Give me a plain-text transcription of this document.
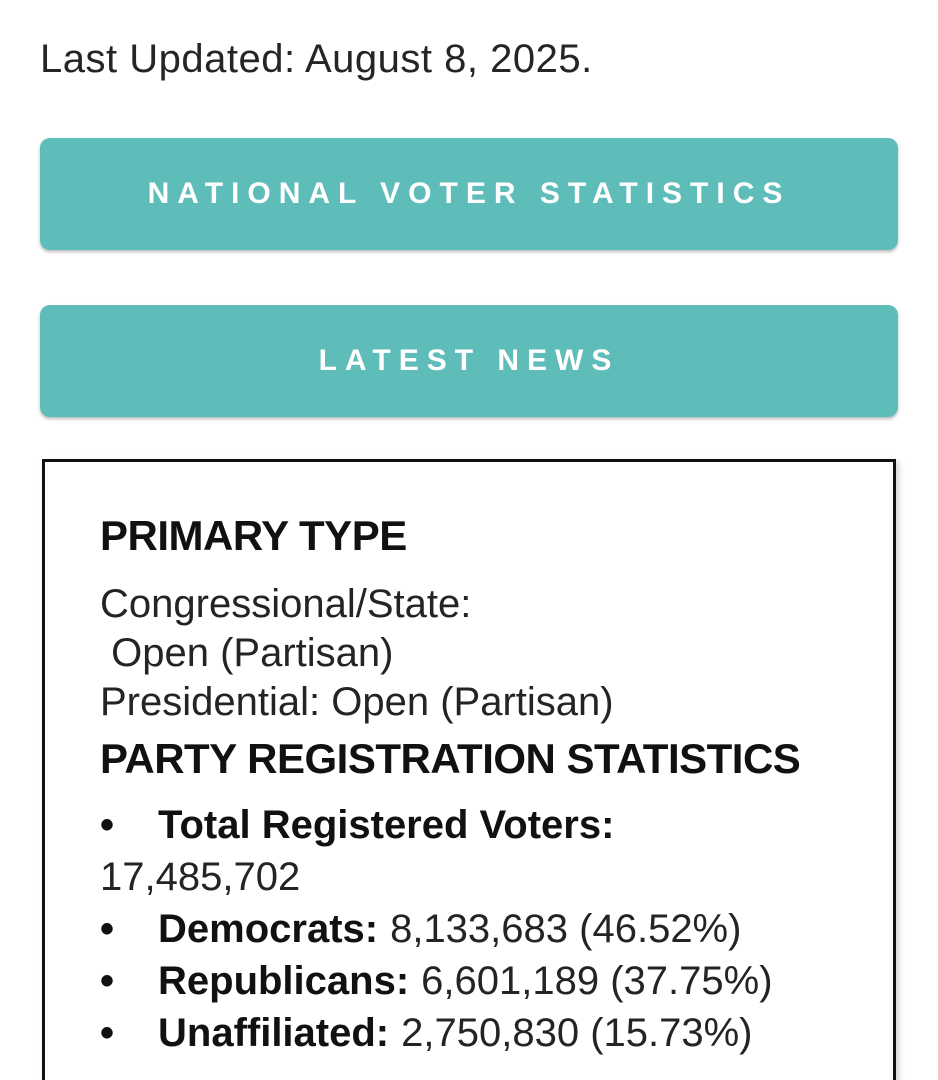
Last Updated: August 8, 2025.
NATIONAL VOTER STATISTICS
LATEST NEWS
PRIMARY TYPE
Congressional/State:
Open (Partisan)
Presidential: Open (Partisan)
PARTY REGISTRATION STATISTICS
• Total Registered Voters:
17,485,702
• Democrats: 8,133,683 (46.52%)
• Republicans: 6,601,189 (37.75%)
• Unaffiliated: 2,750,830 (15.73%)
